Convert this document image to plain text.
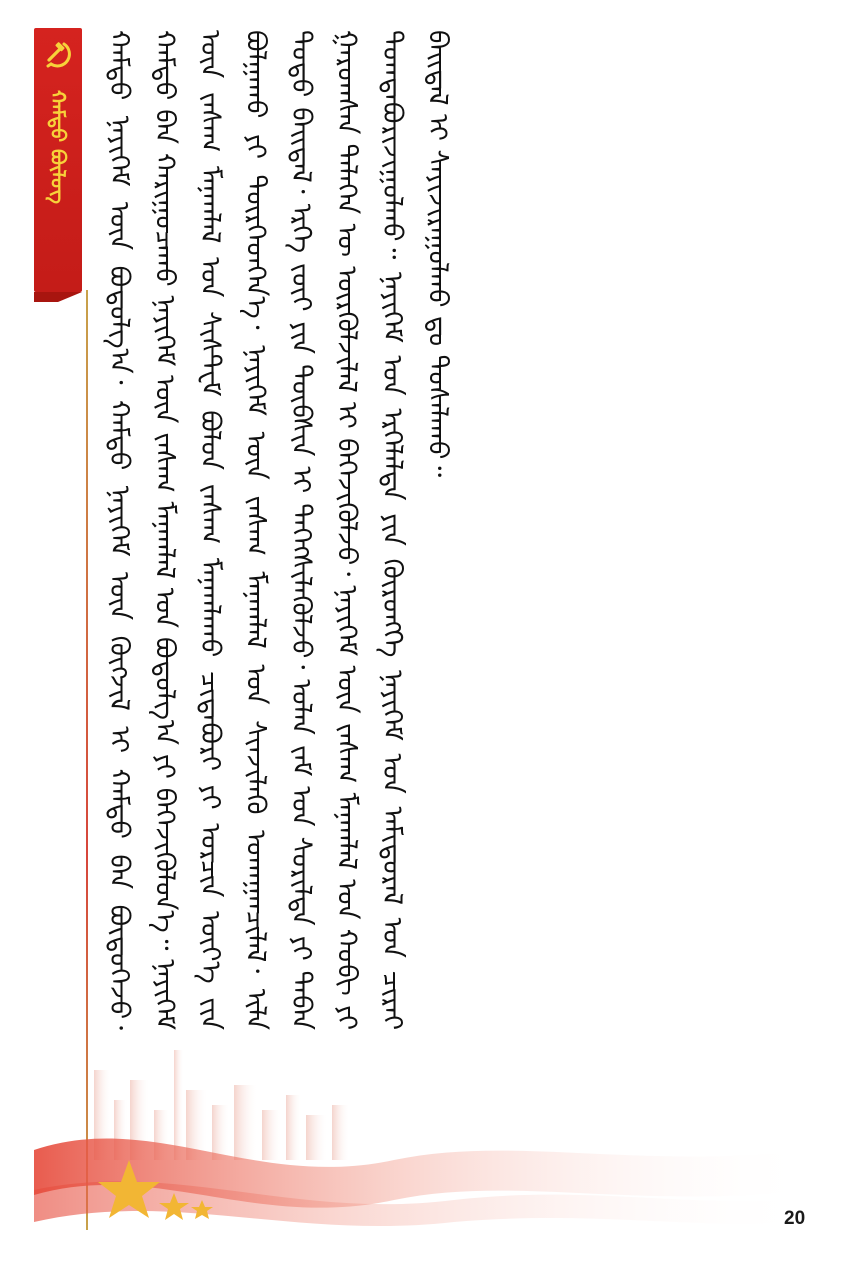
ᠬᠠᠮᠲᠤ ᠪᠦᠯᠦᠭ ᠬᠠᠮᠲᠤ ᠨᠡᠶᠢᠭᠡᠮ ᠦᠨ ᠪᠣᠳᠤᠯᠭ᠎ᠠ᠂ ᠬᠠᠮᠲᠤ ᠨᠡᠶᠢᠭᠡᠮ ᠦᠨ ᠬᠥᠭᠵᠢᠯ ᠢ ᠬᠠᠮᠲᠤ ᠪᠠᠨ ᠪᠦᠲᠦᠭᠡᠵᠦ᠂ ᠬᠠᠮᠲᠤ ᠪᠠᠨ ᠬᠠᠷᠢᠭᠤᠴᠠᠬᠤ ᠨᠡᠶᠢᠭᠡᠮ ᠦᠨ ᠵᠠᠰᠠᠭ ᠮᠠᠨᠠᠭᠯᠠᠯ ᠤᠨ ᠪᠣᠳᠤᠯᠭ᠎ᠠ ᠶᠢ ᠪᠡᠬᠡᠵᠢᠭᠦᠯᠦᠨ᠎ᠡ᠃ ᠨᠡᠶᠢᠭᠡᠮ ᠦᠨ ᠵᠠᠰᠠᠭ ᠮᠠᠨᠠᠭᠯᠠᠯ ᠤᠨ ᠰᠢᠰᠲ᠋ᠸᠮ ᠪᠣᠯᠤᠨ ᠵᠠᠰᠠᠭ ᠮᠠᠨᠠᠭᠯᠠᠬᠤ ᠴᠢᠳᠠᠪᠤᠷᠢ ᠶᠢ ᠣᠷᠴᠢᠨ ᠦᠶ᠎ᠡ ᠵᠢᠨ ᠪᠣᠯᠭᠠᠬᠤ ᠶᠢ ᠲᠦᠷᠭᠡᠳᠭᠡᠨ᠎ᠡ᠂ ᠨᠡᠶᠢᠭᠡᠮ ᠦᠨ ᠵᠠᠰᠠᠭ ᠮᠠᠨᠠᠭᠯᠠᠯ ᠤᠨ ᠰᠢᠨᠵᠢᠯᠡᠬᠦ ᠤᠬᠠᠭᠠᠨᠴᠢᠯᠠᠯ᠂ ᠢᠯᠡ ᠲᠤᠳᠤ ᠪᠠᠢᠳᠠᠯ᠂ ᠡᠷᠬᠡ ᠵᠦᠢ ᠶᠢᠨ ᠲᠦᠪᠰᠢᠨ ᠢ ᠳᠡᠭᠡᠭᠰᠢᠯᠡᠭᠦᠯᠵᠦ᠂ ᠣᠯᠠᠨ ᠵᠠᠮ ᠤᠨ ᠰᠣᠷᠢᠯᠲᠠ ᠶᠢ ᠳᠠᠪᠠᠨ ᠭᠠᠷᠤᠭᠰᠠᠨ ᠲᠡᠯᠡᠭᠡᠨ ᠦ ᠦᠷᠬᠦᠯᠵᠢᠯᠡᠯ ᠢ ᠪᠡᠬᠡᠵᠢᠭᠦᠯᠵᠦ᠂ ᠨᠡᠶᠢᠭᠡᠮ ᠦᠨ ᠵᠠᠰᠠᠭ ᠮᠠᠨᠠᠭᠯᠠᠯ ᠤᠨ ᠬᠤᠪᠢ ᠶᠢ ᠲᠣᠭᠲᠠᠪᠤᠷᠢᠵᠢᠭᠤᠯᠬᠤ᠃ ᠨᠡᠶᠢᠭᠡᠮ ᠤᠨ ᠡᠷᠬᠡᠯᠡᠯᠲᠡ ᠶᠢᠨ ᠬᠥᠷᠦᠩᠭᠡ ᠨᠡᠶᠢᠭᠡᠮ ᠤᠨ ᠠᠮᠢᠳᠤᠷᠠᠯ ᠤᠨ ᠴᠢᠷᠠᠢ ᠪᠠᠢᠳᠠᠯ ᠢ ᠰᠠᠶᠢᠵᠢᠷᠠᠭᠤᠯᠬᠤ ᠳᠤ ᠲᠤᠰᠠᠯᠠᠬᠤ᠃

20
